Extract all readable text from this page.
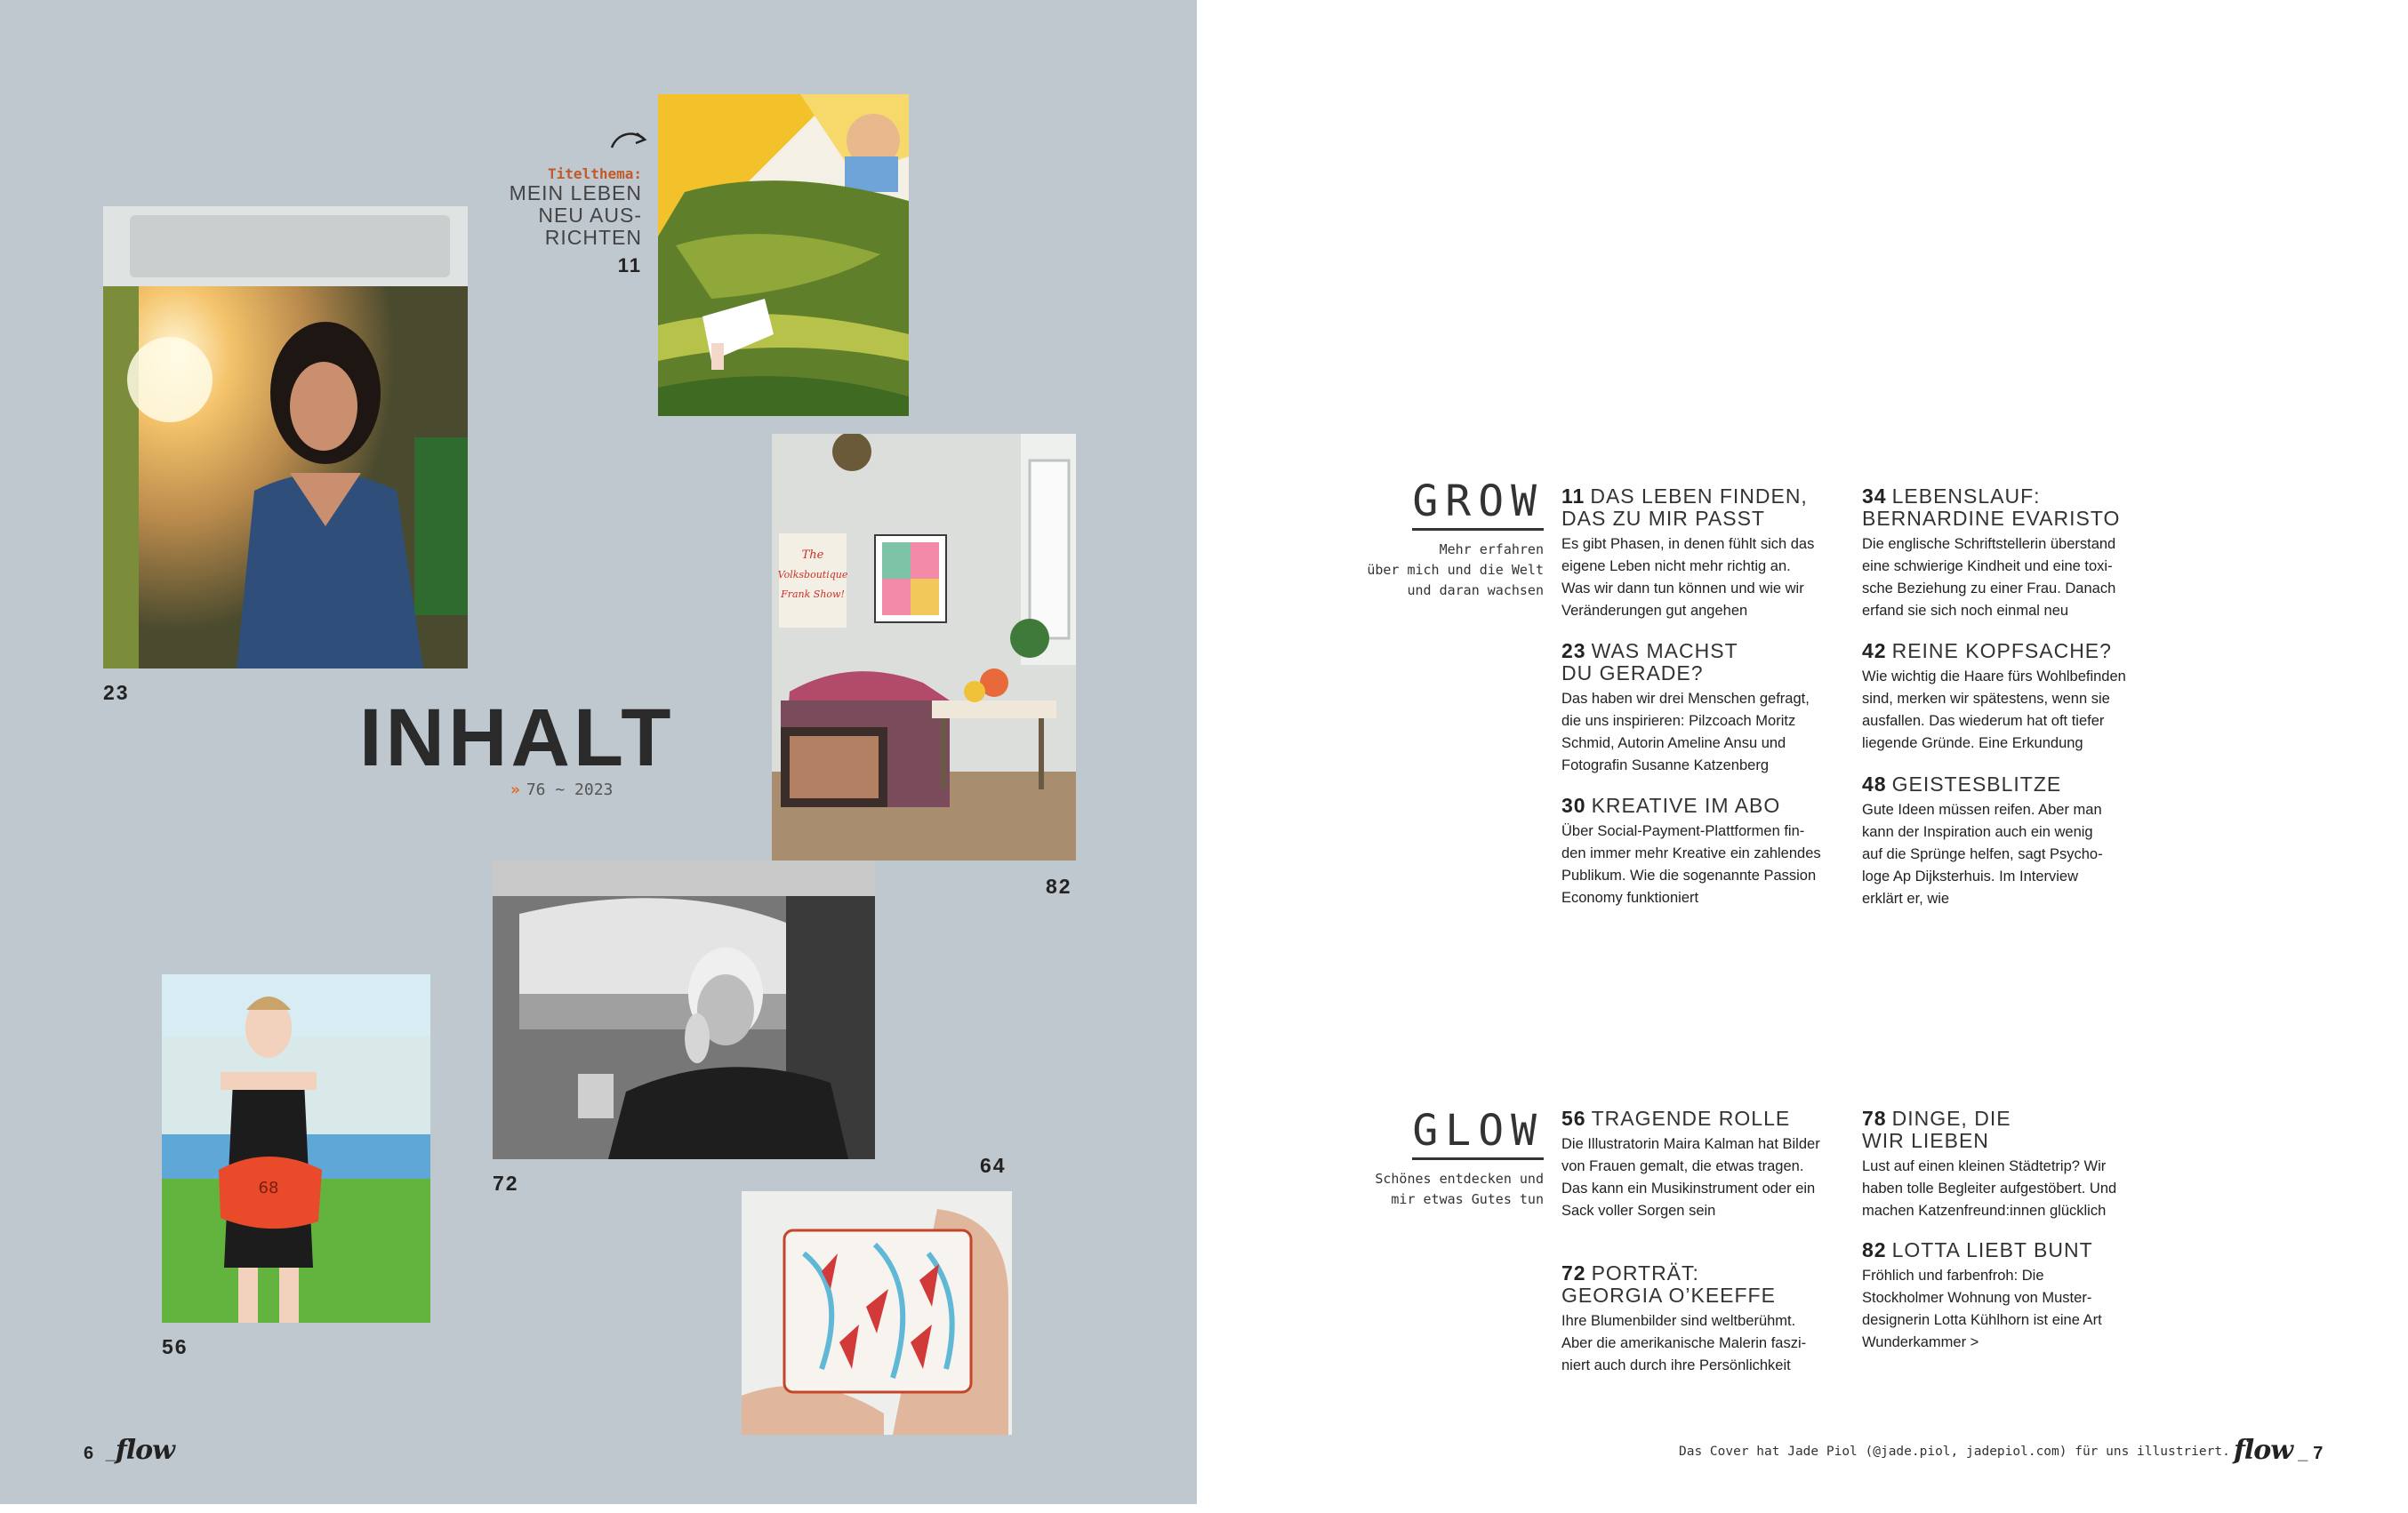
Titelthema:
MEIN LEBEN
NEU AUS-
RICHTEN
11
23	INHALT
» 76 ~ 2023
The
Volksboutique
Frank Show!
82
72
64
68
56
6 _flow
GROW
» Mehr erfahren
über mich und die Welt
und daran wachsen
11 DAS LEBEN FINDEN,
DAS ZU MIR PASST
Es gibt Phasen, in denen fühlt sich das
eigene Leben nicht mehr richtig an.
Was wir dann tun können und wie wir
Veränderungen gut angehen
23 WAS MACHST
DU GERADE?
Das haben wir drei Menschen gefragt,
die uns inspirieren: Pilzcoach Moritz
Schmid, Autorin Ameline Ansu und
Fotografin Susanne Katzenberg
30 KREATIVE IM ABO
Über Social-Payment-Plattformen fin-
den immer mehr Kreative ein zahlendes
Publikum. Wie die sogenannte Passion
Economy funktioniert
34 LEBENSLAUF:
BERNARDINE EVARISTO
Die englische Schriftstellerin überstand
eine schwierige Kindheit und eine toxi-
sche Beziehung zu einer Frau. Danach
erfand sie sich noch einmal neu
42 REINE KOPFSACHE?
Wie wichtig die Haare fürs Wohlbefinden
sind, merken wir spätestens, wenn sie
ausfallen. Das wiederum hat oft tiefer
liegende Gründe. Eine Erkundung
48 GEISTESBLITZE
Gute Ideen müssen reifen. Aber man
kann der Inspiration auch ein wenig
auf die Sprünge helfen, sagt Psycho-
loge Ap Dijksterhuis. Im Interview
erklärt er, wie
GLOW
» Schönes entdecken und
mir etwas Gutes tun
56 TRAGENDE ROLLE
Die Illustratorin Maira Kalman hat Bilder
von Frauen gemalt, die etwas tragen.
Das kann ein Musikinstrument oder ein
Sack voller Sorgen sein
72 PORTRÄT:
GEORGIA O’KEEFFE
Ihre Blumenbilder sind weltberühmt.
Aber die amerikanische Malerin faszi-
niert auch durch ihre Persönlichkeit
78 DINGE, DIE
WIR LIEBEN
Lust auf einen kleinen Städtetrip? Wir
haben tolle Begleiter aufgestöbert. Und
machen Katzenfreund:innen glücklich
82 LOTTA LIEBT BUNT
Fröhlich und farbenfroh: Die
Stockholmer Wohnung von Muster-
designerin Lotta Kühlhorn ist eine Art
Wunderkammer >
Das Cover hat Jade Piol (@jade.piol, jadepiol.com) für uns illustriert. flow _ 7
